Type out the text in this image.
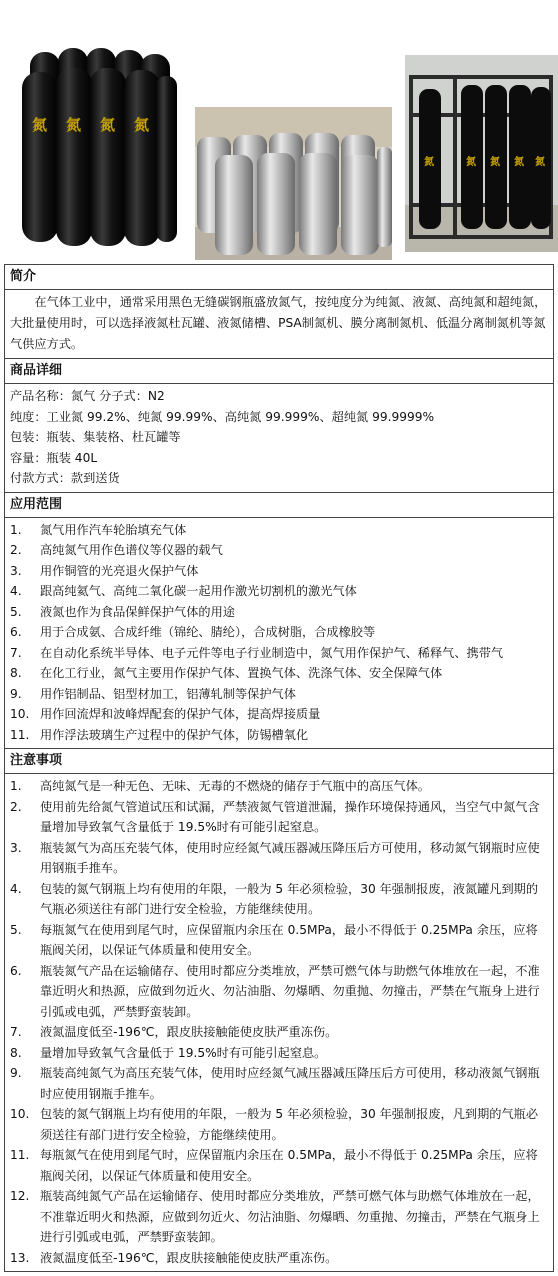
氮 氮 氮 氮
氮	氮 氮 氮 氮
简介

在气体工业中，通常采用黑色无缝碳钢瓶盛放氮气，按纯度分为纯氮、液氮、高纯氮和超纯氮，大批量使用时，可以选择液氮杜瓦罐、液氮储槽、PSA制氮机、膜分离制氮机、低温分离制氮机等氮气供应方式。

商品详细

产品名称：氮气 分子式：N2
纯度：工业氮 99.2%、纯氮 99.99%、高纯氮 99.999%、超纯氮 99.9999%
包装：瓶装、集装格、杜瓦罐等
容量：瓶装 40L
付款方式：款到送货

应用范围

1.	氮气用作汽车轮胎填充气体
2.	高纯氮气用作色谱仪等仪器的载气
3.	用作铜管的光亮退火保护气体
4.	跟高纯氦气、高纯二氧化碳一起用作激光切割机的激光气体
5.	液氮也作为食品保鲜保护气体的用途
6.	用于合成氨、合成纤维（锦纶、腈纶），合成树脂，合成橡胶等
7.	在自动化系统半导体、电子元件等电子行业制造中，氮气用作保护气、稀释气、携带气
8.	在化工行业，氮气主要用作保护气体、置换气体、洗涤气体、安全保障气体
9.	用作铝制品、铝型材加工，铝薄轧制等保护气体
10. 用作回流焊和波峰焊配套的保护气体，提高焊接质量
11. 用作浮法玻璃生产过程中的保护气体，防锡槽氧化

注意事项

1.	高纯氮气是一种无色、无味、无毒的不燃烧的储存于气瓶中的高压气体。
2.	使用前先给氮气管道试压和试漏，严禁液氮气管道泄漏，操作环境保持通风，当空气中氮气含量增加导致氧气含量低于 19.5%时有可能引起窒息。
3.	瓶装氮气为高压充装气体，使用时应经氮气减压器减压降压后方可使用，移动氮气钢瓶时应使用钢瓶手推车。
4.	包装的氮气钢瓶上均有使用的年限，一般为 5 年必须检验，30 年强制报废，液氮罐凡到期的气瓶必须送往有部门进行安全检验，方能继续使用。
5.	每瓶氮气在使用到尾气时，应保留瓶内余压在 0.5MPa，最小不得低于 0.25MPa 余压，应将瓶阀关闭，以保证气体质量和使用安全。
6.	瓶装氮气产品在运输储存、使用时都应分类堆放，严禁可燃气体与助燃气体堆放在一起，不准靠近明火和热源，应做到勿近火、勿沾油脂、勿爆晒、勿重抛、勿撞击，严禁在气瓶身上进行引弧或电弧，严禁野蛮装卸。
7.	液氮温度低至-196℃，跟皮肤接触能使皮肤严重冻伤。
8.	量增加导致氧气含量低于 19.5%时有可能引起窒息。
9.	瓶装高纯氮气为高压充装气体，使用时应经氮气减压器减压降压后方可使用，移动液氮气钢瓶时应使用钢瓶手推车。
10. 包装的氮气钢瓶上均有使用的年限，一般为 5 年必须检验，30 年强制报废，凡到期的气瓶必须送往有部门进行安全检验，方能继续使用。
11. 每瓶氮气在使用到尾气时，应保留瓶内余压在 0.5MPa，最小不得低于 0.25MPa 余压，应将瓶阀关闭，以保证气体质量和使用安全。
12. 瓶装高纯氮气产品在运输储存、使用时都应分类堆放，严禁可燃气体与助燃气体堆放在一起，不准靠近明火和热源，应做到勿近火、勿沾油脂、勿爆晒、勿重抛、勿撞击，严禁在气瓶身上进行引弧或电弧，严禁野蛮装卸。
13. 液氮温度低至-196℃，跟皮肤接触能使皮肤严重冻伤。
